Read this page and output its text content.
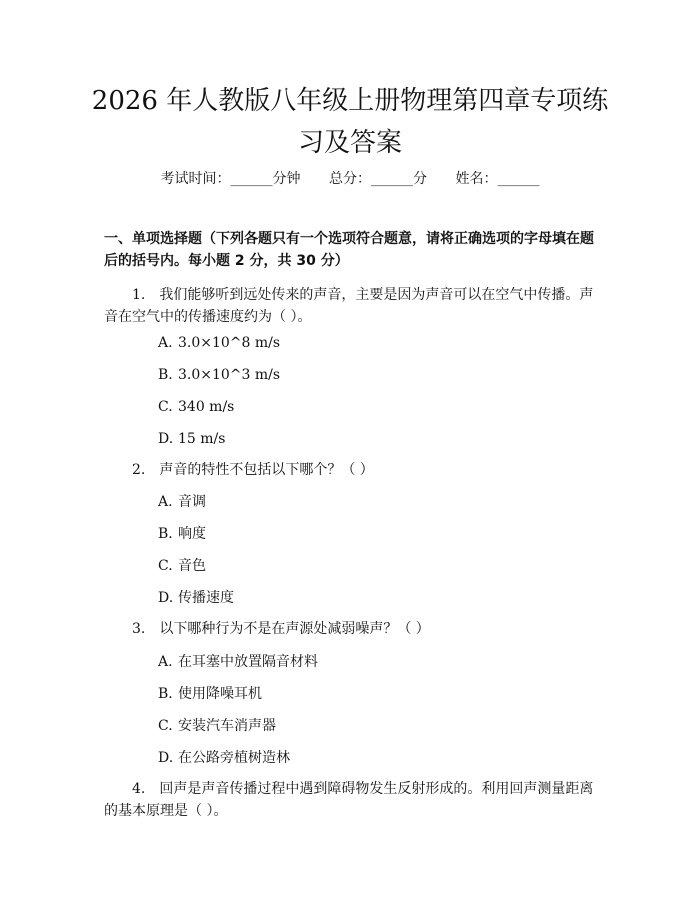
2026 年人教版八年级上册物理第四章专项练
习及答案
考试时间：______分钟 总分：______分 姓名：______

一、单项选择题（下列各题只有一个选项符合题意，请将正确选项的字母填在题后的括号内。每小题 2 分，共 30 分）

1. 我们能够听到远处传来的声音，主要是因为声音可以在空气中传播。声音在空气中的传播速度约为（ ）。

A. 3.0×10^8 m/s

B. 3.0×10^3 m/s

C. 340 m/s

D. 15 m/s

2. 声音的特性不包括以下哪个？（ ）

A. 音调

B. 响度

C. 音色

D. 传播速度

3. 以下哪种行为不是在声源处减弱噪声？（ ）

A. 在耳塞中放置隔音材料

B. 使用降噪耳机

C. 安装汽车消声器

D. 在公路旁植树造林

4. 回声是声音传播过程中遇到障碍物发生反射形成的。利用回声测量距离的基本原理是（ ）。
